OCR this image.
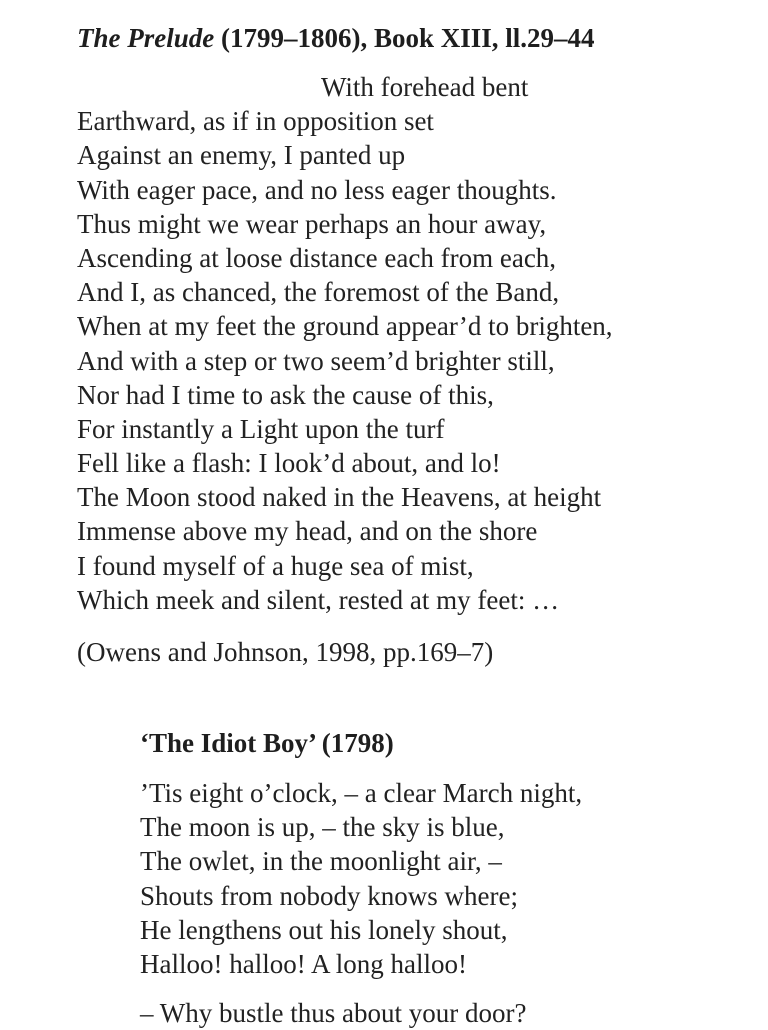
The Prelude (1799–1806), Book XIII, ll.29–44
With forehead bent
Earthward, as if in opposition set
Against an enemy, I panted up
With eager pace, and no less eager thoughts.
Thus might we wear perhaps an hour away,
Ascending at loose distance each from each,
And I, as chanced, the foremost of the Band,
When at my feet the ground appear’d to brighten,
And with a step or two seem’d brighter still,
Nor had I time to ask the cause of this,
For instantly a Light upon the turf
Fell like a flash: I look’d about, and lo!
The Moon stood naked in the Heavens, at height
Immense above my head, and on the shore
I found myself of a huge sea of mist,
Which meek and silent, rested at my feet: …

(Owens and Johnson, 1998, pp.169–7)

‘The Idiot Boy’ (1798)
’Tis eight o’clock, – a clear March night,
The moon is up, – the sky is blue,
The owlet, in the moonlight air, –
Shouts from nobody knows where;
He lengthens out his lonely shout,
Halloo! halloo! A long halloo!
– Why bustle thus about your door?
